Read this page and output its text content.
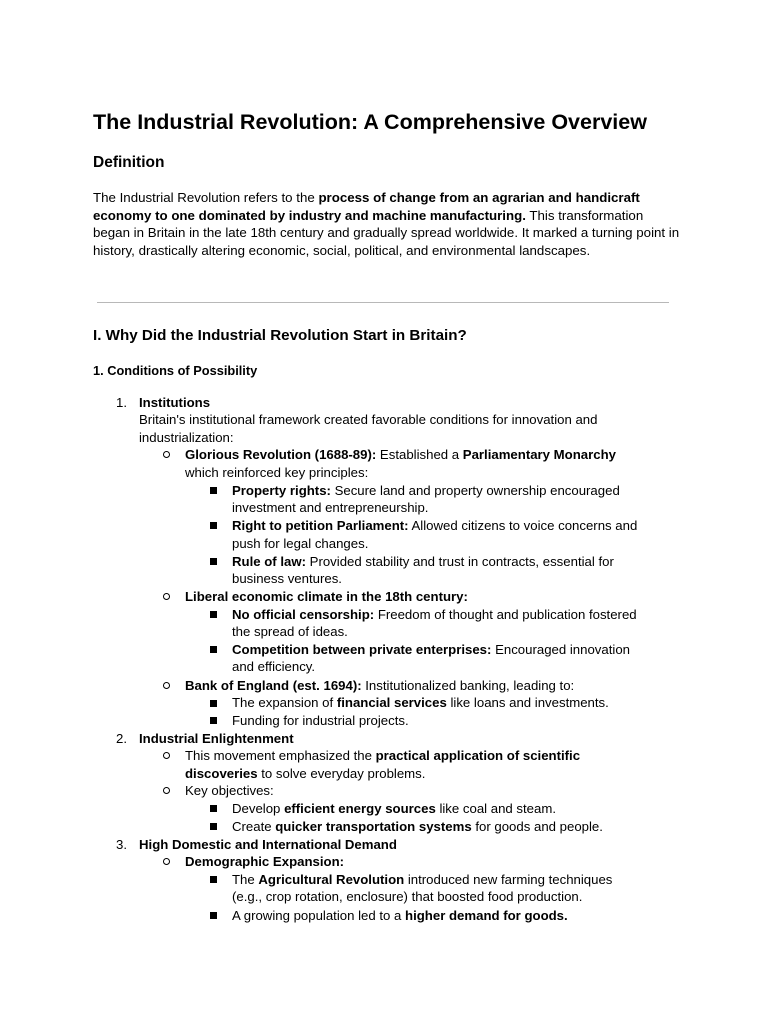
The Industrial Revolution: A Comprehensive Overview
Definition
The Industrial Revolution refers to the process of change from an agrarian and handicraft economy to one dominated by industry and machine manufacturing. This transformation began in Britain in the late 18th century and gradually spread worldwide. It marked a turning point in history, drastically altering economic, social, political, and environmental landscapes.
I. Why Did the Industrial Revolution Start in Britain?
1. Conditions of Possibility
1. Institutions
Britain's institutional framework created favorable conditions for innovation and
industrialization:
Glorious Revolution (1688-89): Established a Parliamentary Monarchy
which reinforced key principles:
Property rights: Secure land and property ownership encouraged
investment and entrepreneurship.
Right to petition Parliament: Allowed citizens to voice concerns and
push for legal changes.
Rule of law: Provided stability and trust in contracts, essential for
business ventures.
Liberal economic climate in the 18th century:
No official censorship: Freedom of thought and publication fostered
the spread of ideas.
Competition between private enterprises: Encouraged innovation
and efficiency.
Bank of England (est. 1694): Institutionalized banking, leading to:
The expansion of financial services like loans and investments.
Funding for industrial projects.
2. Industrial Enlightenment
This movement emphasized the practical application of scientific
discoveries to solve everyday problems.
Key objectives:
Develop efficient energy sources like coal and steam.
Create quicker transportation systems for goods and people.
3. High Domestic and International Demand
Demographic Expansion:
The Agricultural Revolution introduced new farming techniques
(e.g., crop rotation, enclosure) that boosted food production.
A growing population led to a higher demand for goods.
